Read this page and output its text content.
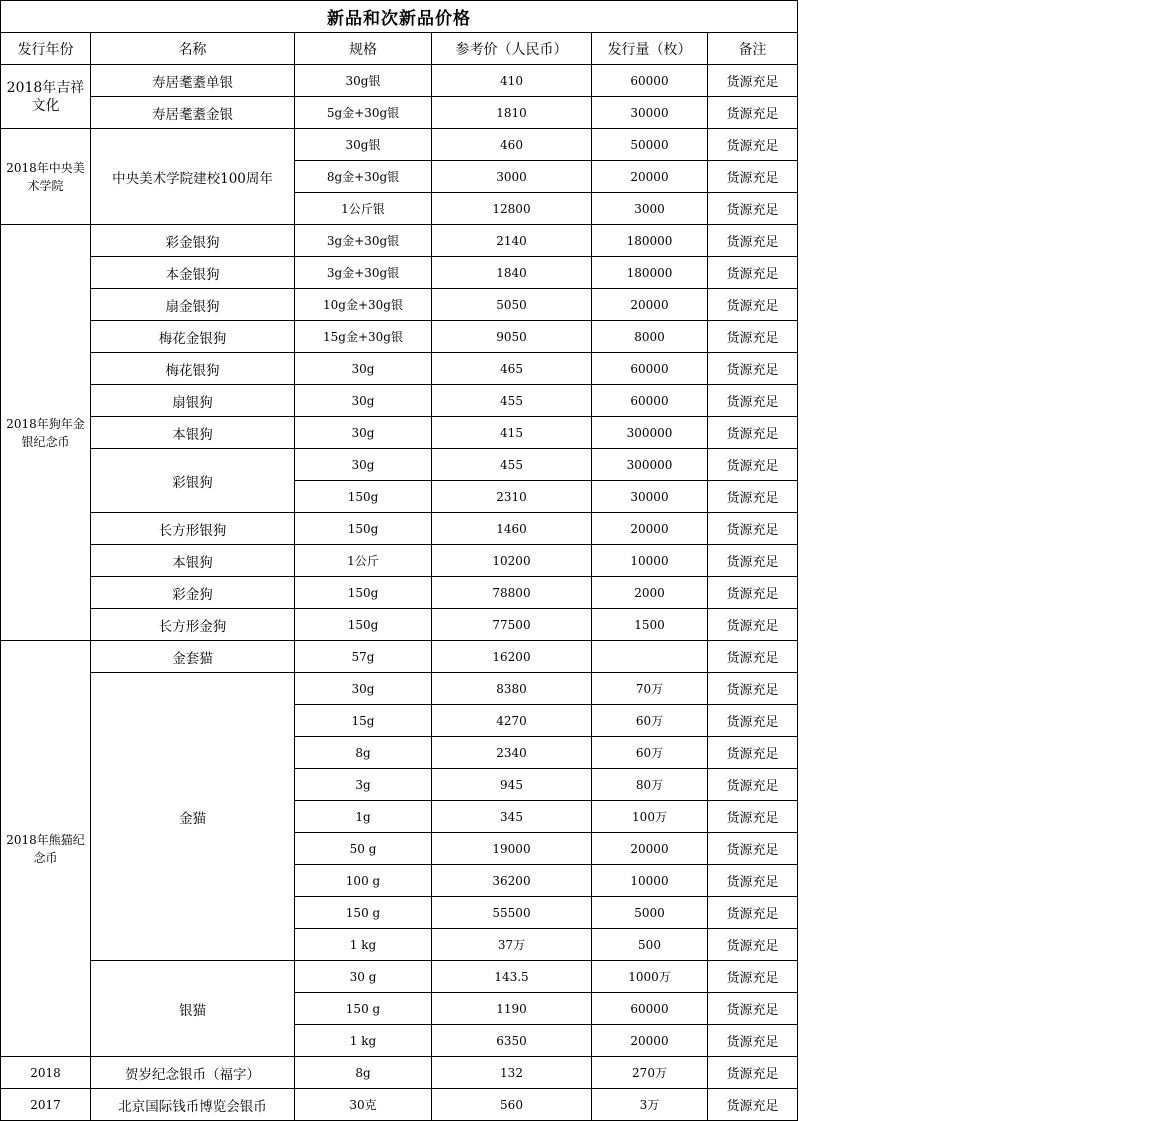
新品和次新品价格					
发行年份	名称	规格	参考价（人民币）	发行量（枚）	备注
2018年吉祥文化	寿居耄耋单银	30g银	410	60000	货源充足
	寿居耄耋金银	5g金+30g银	1810	30000	货源充足
2018年中央美术学院	中央美术学院建校100周年	30g银	460	50000	货源充足
		8g金+30g银	3000	20000	货源充足
		1公斤银	12800	3000	货源充足
2018年狗年金银纪念币	彩金银狗	3g金+30g银	2140	180000	货源充足
	本金银狗	3g金+30g银	1840	180000	货源充足
	扇金银狗	10g金+30g银	5050	20000	货源充足
	梅花金银狗	15g金+30g银	9050	8000	货源充足
	梅花银狗	30g	465	60000	货源充足
	扇银狗	30g	455	60000	货源充足
	本银狗	30g	415	300000	货源充足
	彩银狗	30g	455	300000	货源充足
		150g	2310	30000	货源充足
	长方形银狗	150g	1460	20000	货源充足
	本银狗	1公斤	10200	10000	货源充足
	彩金狗	150g	78800	2000	货源充足
	长方形金狗	150g	77500	1500	货源充足
2018年熊猫纪念币	金套猫	57g	16200		货源充足
	金猫	30g	8380	70万	货源充足
		15g	4270	60万	货源充足
		8g	2340	60万	货源充足
		3g	945	80万	货源充足
		1g	345	100万	货源充足
		50 g	19000	20000	货源充足
		100 g	36200	10000	货源充足
		150 g	55500	5000	货源充足
		1 kg	37万	500	货源充足
	银猫	30 g	143.5	1000万	货源充足
		150 g	1190	60000	货源充足
		1 kg	6350	20000	货源充足
2018	贺岁纪念银币（福字）	8g	132	270万	货源充足
2017	北京国际钱币博览会银币	30克	560	3万	货源充足
